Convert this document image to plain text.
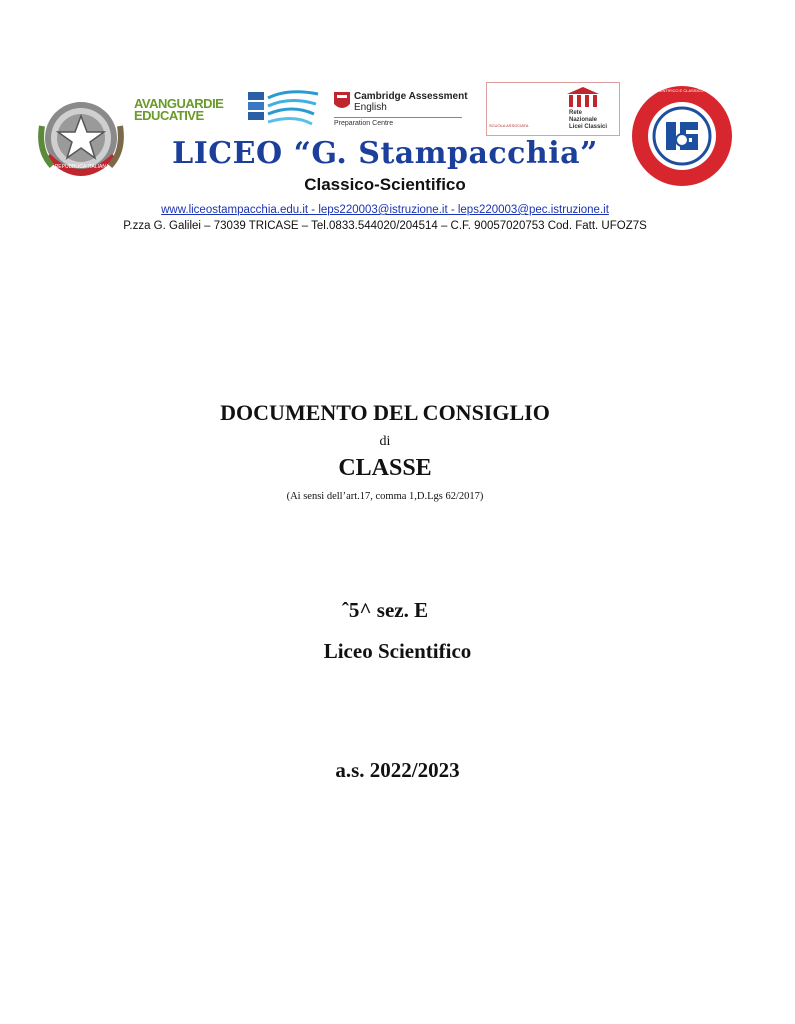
REPUBBLICA ITALIANA
AVANGUARDIE EDUCATIVE
Cambridge Assessment
English
Preparation Centre	SCUOLA ASSOCIATA
Rete
Nazionale
Licei Classici
LICEO SCIENTIFICO E CLASSICO "G. STAMPACCHIA" - TRICASE - LE
LICEO “G. Stampacchia”
Classico-Scientifico
www.liceostampacchia.edu.it - leps220003@istruzione.it - leps220003@pec.istruzione.it
P.zza G. Galilei – 73039 TRICASE – Tel.0833.544020/204514 – C.F. 90057020753 Cod. Fatt. UFOZ7S
DOCUMENTO DEL CONSIGLIO
di
CLASSE
(Ai sensi dell’art.17, comma 1,D.Lgs 62/2017)
ˆ5^ sez. E
Liceo Scientifico
a.s. 2022/2023
